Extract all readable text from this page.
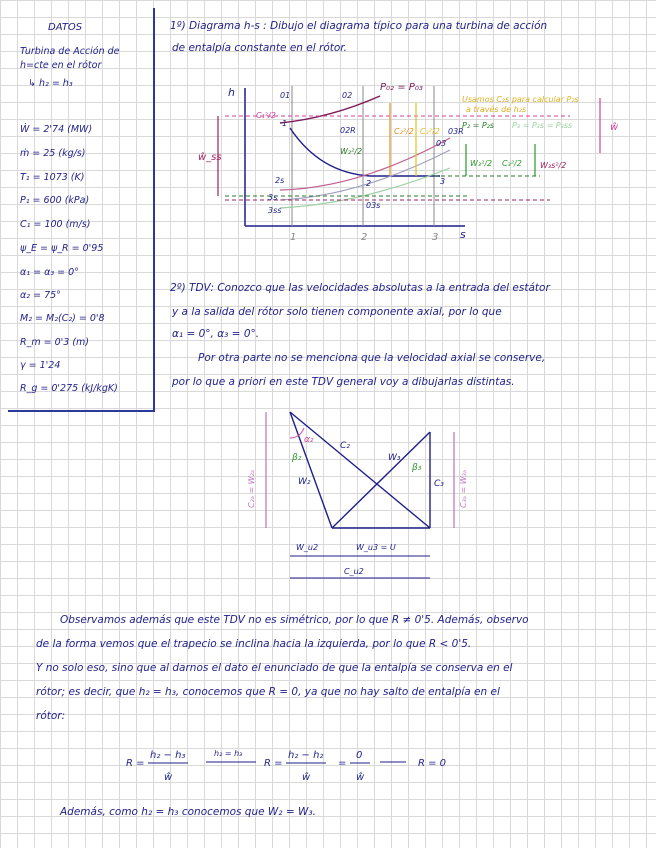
DATOS
Turbina de Acción de
h=cte en el rótor
↳ h₂ = h₃
Ẇ = 2'74 (MW)
ṁ = 25 (kg/s)
T₁ = 1073 (K)
P₁ = 600 (kPa)
C₁ = 100 (m/s)
ψ_E = ψ_R = 0'95
α₁ = α₃ = 0°
α₂ = 75°
M₂ = M₂(C₂) = 0'8
R_m = 0'3 (m)
γ = 1'24
R_g = 0'275 (kJ/kgK)
1º) Diagrama h-s : Dibujo el diagrama típico para una turbina de acción
de entalpía constante en el rótor.
h
s
1	2	3
P₀₂ = P₀₃
ŵ_ss
C₁²/2
01	02
1
02R
03
03R
2	3
2s
3s
3ss
03s
C₂²/2 C₃²/2
W₂²/2
W₃²/2 C₃²/2 W₃s²/2
Usamos C₂s para calcular P₂s
a través de h₂s
P₂ = P₂s P₃ = P₃s = P₃ss	ŵ
2º) TDV: Conozco que las velocidades absolutas a la entrada del estátor
y a la salida del rótor solo tienen componente axial, por lo que
α₁ = 0°, α₃ = 0°.
Por otra parte no se menciona que la velocidad axial se conserve,
por lo que a priori en este TDV general voy a dibujarlas distintas.
α₂
β₂
β₃
C₂
W₂
W₃
C₃
C₂ₐ = W₂ₐ	C₃ₐ = W₃ₐ
W_u2	W_u3 = U
C_u2
Observamos además que este TDV no es simétrico, por lo que R ≠ 0'5. Además, observo
de la forma vemos que el trapecio se inclina hacia la izquierda, por lo que R < 0'5.
Y no solo eso, sino que al darnos el dato el enunciado de que la entalpía se conserva en el
rótor; es decir, que h₂ = h₃, conocemos que R = 0, ya que no hay salto de entalpía en el
rótor:
R =
h₂ − h₃
ŵ
h₂ = h₃
R =
h₂ − h₂
ŵ
=
0
ŵ
R = 0
Además, como h₂ = h₃ conocemos que W₂ = W₃.
